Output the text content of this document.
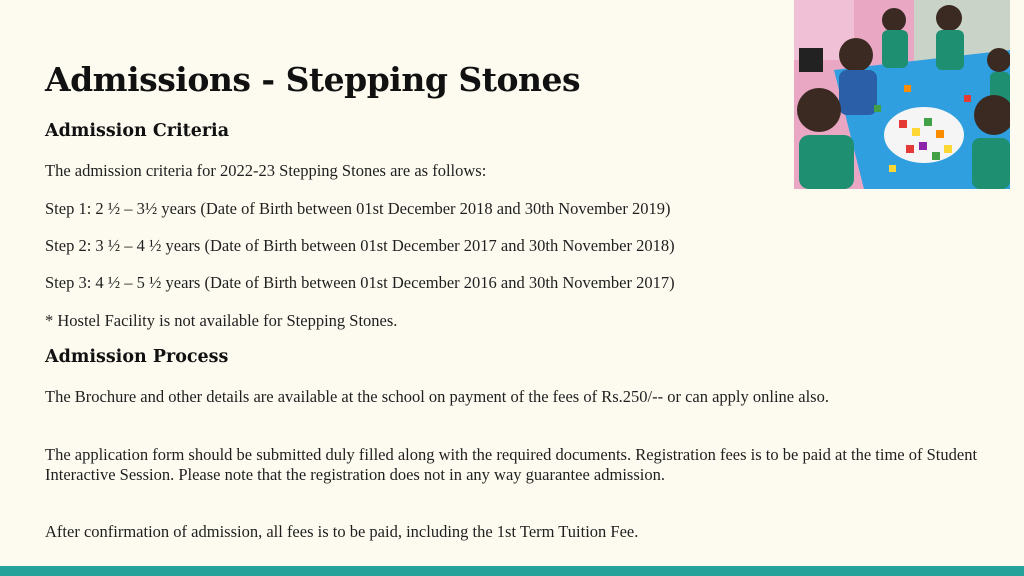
Admissions - Stepping Stones
Admission Criteria

The admission criteria for 2022-23 Stepping Stones are as follows:

Step 1: 2 ½ – 3½ years (Date of Birth between 01st December 2018 and 30th November 2019)

Step 2: 3 ½ – 4 ½ years (Date of Birth between 01st December 2017 and 30th November 2018)

Step 3: 4 ½ – 5 ½ years (Date of Birth between 01st December 2016 and 30th November 2017)

* Hostel Facility is not available for Stepping Stones.

Admission Process

The Brochure and other details are available at the school on payment of the fees of Rs.250/-- or can apply online also.

The application form should be submitted duly filled along with the required documents. Registration fees is to be paid at the time of Student Interactive Session. Please note that the registration does not in any way guarantee admission.

After confirmation of admission, all fees is to be paid, including the 1st Term Tuition Fee.
